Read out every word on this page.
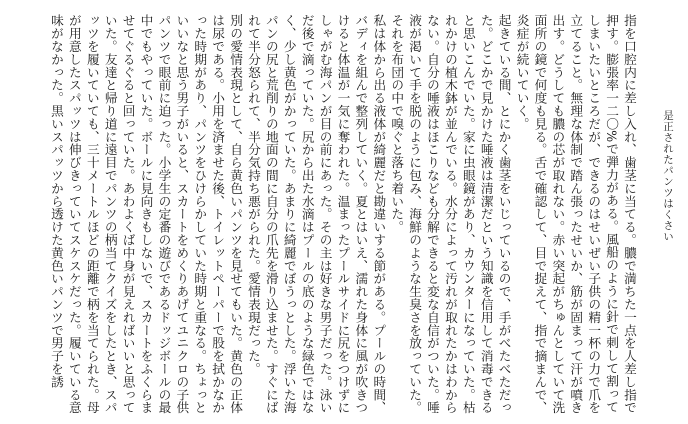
是正されたパンツはくさい
指を口腔内に差し入れ、歯茎に当てる。膿で満ちた一点を人差し指で押す。膨張率一二〇%で弾力がある。風船のように針で刺して割ってしまいたいところだが、できるのはせいぜい子供の精一杯の力で爪を立てること。無理な体制で踏ん張ったせいか、筋が固まって汗が噴き出す。どうしても膿の芯が取れない。赤い突起がちゅんとしていて洗面所の鏡で何度も見る。舌で確認して、目で捉えて、指で摘まんで、炎症が続いていく。
起きている間、とにかく歯茎をいじっているので、手がべたべただった。どこかで見かけた唾液は清潔だという知識を信用して消毒できると思いこんでいた。家に虫眼鏡があり、カウンターになっていた。枯れかけの植木鉢が並んでいる。水分によって汚れが取れたかはわからない。自分の唾液はほこりなども分解できると変な自信がついた。唾液が渇いて手を脱のように包み、海鮮のような生臭さを放っていた。それを布団の中で嗅ぐと落ち着いた。
私は体から出る液体が綺麗だと勘違いする節がある。プールの時間、バディを組んで整列していく。夏とはいえ、濡れた身体に風が吹きつけると体温が一気に奪われた。温まったプールサイドに尻をつけずにしゃがむ海パンが目の前にあった。その主は好きな男子だった。泳いだ後で滴っていた。尻から出た水滴はプールの底のような緑色ではなく、少し黄色がかっていた。あまりに綺麗でぼうっとした。浮いた海パンの尻と荒削りの地面の間に自分の爪先を滑り込ませた。すぐにばれて半分怒られて、半分気持ち悪がられた。愛情表現だった。
別の愛情表現として、自ら黄色いパンツを見せてもいた。黄色の正体は尿である。小用を済ませた後、トイレットペーパーで股を拭かなかった時期があり、パンツをひけらかしていた時期と重なる。ちょっといいなと思う男子がいると、スカートをめくりあげてユニクロの子供パンツで眼前に迫った。小学生の定番の遊びであるドッジボールの最中でもやっていた。ボールに見向きもしないで、スカートをふくらませてぐるぐると回っていた。あわよくば中身が見えればいいと思っていた。友達と帰り道に遠目でパンツの柄当てクイズをしたとき、スパッツを履いていても、三十メートルほどの距離で柄を当てられた。母が用意したスパッツは伸びきっていてスケスケだった。履いている意味がなかった。黒いスパッツから透けた黄色いパンツで男子を誘
